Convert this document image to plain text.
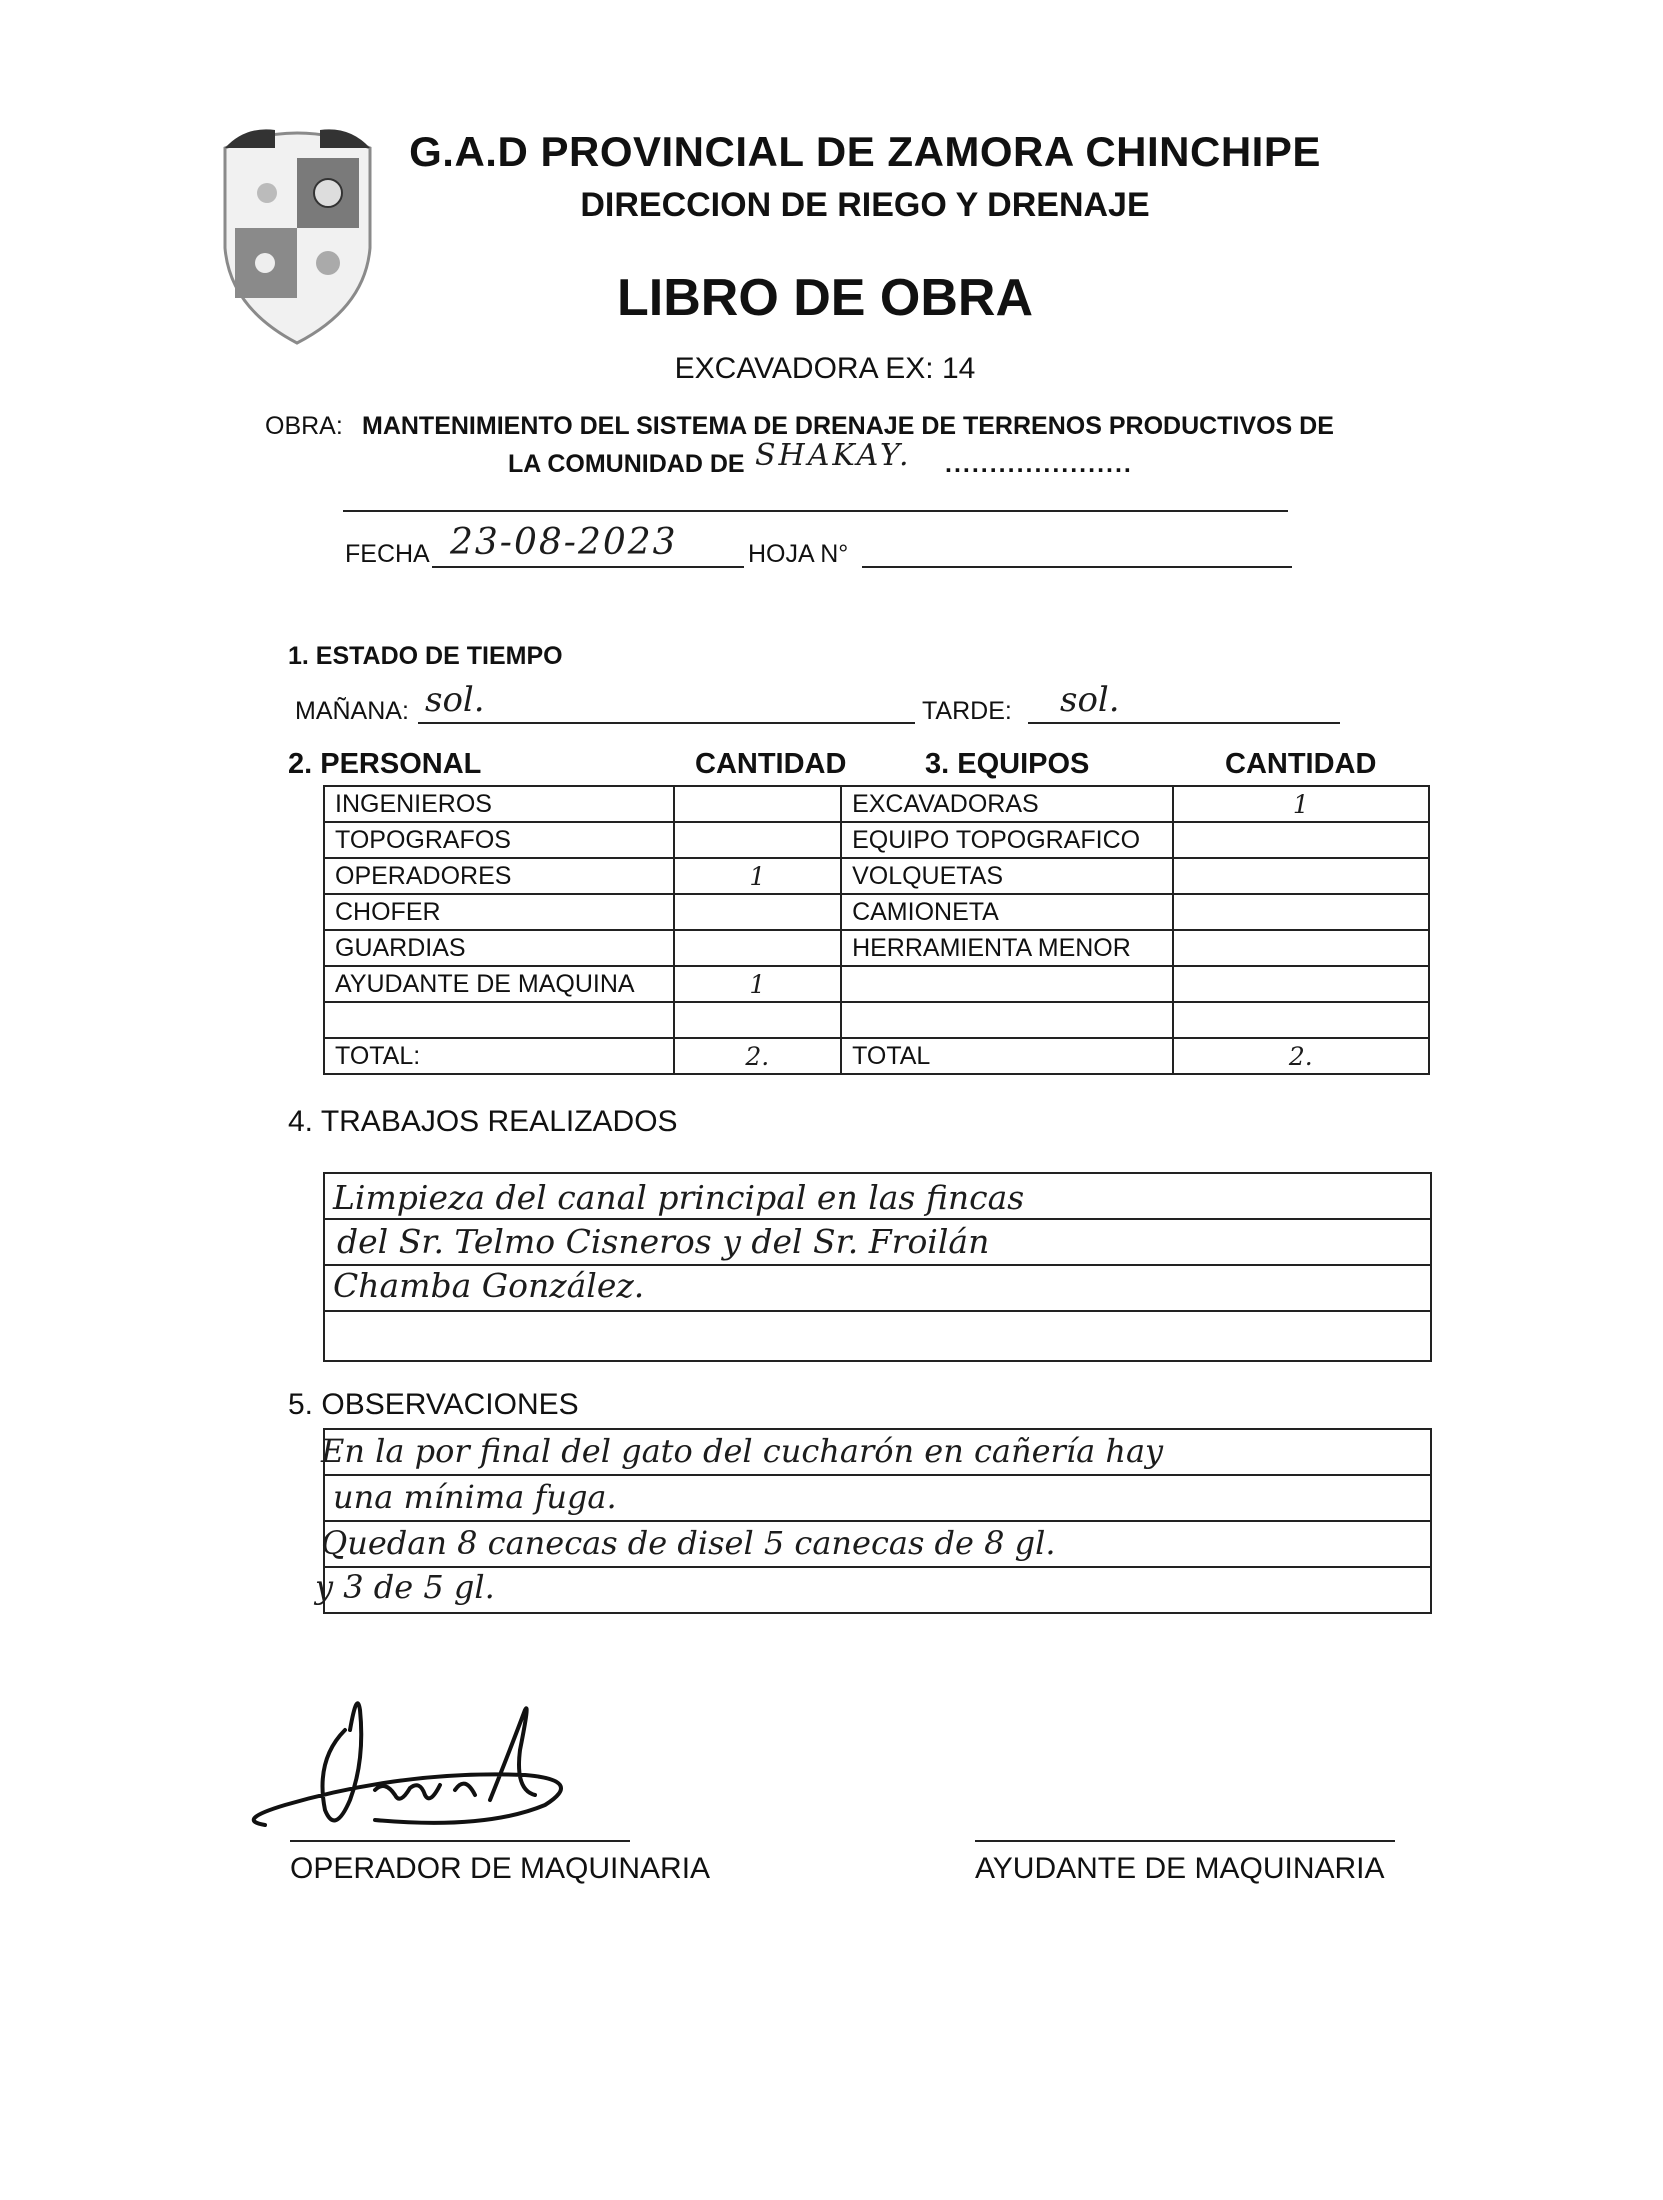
G.A.D PROVINCIAL DE ZAMORA CHINCHIPE
DIRECCION DE RIEGO Y DRENAJE
LIBRO DE OBRA
EXCAVADORA EX: 14
OBRA: MANTENIMIENTO DEL SISTEMA DE DRENAJE DE TERRENOS PRODUCTIVOS DE
LA COMUNIDAD DE SHAKAY. .....................
FECHA 23-08-2023	HOJA N°
1. ESTADO DE TIEMPO
MAÑANA: sol.	TARDE: sol.
2. PERSONAL	CANTIDAD	3. EQUIPOS	CANTIDAD
INGENIEROS		EXCAVADORAS	1
TOPOGRAFOS		EQUIPO TOPOGRAFICO	
OPERADORES	1	VOLQUETAS	
CHOFER		CAMIONETA	
GUARDIAS		HERRAMIENTA MENOR	
AYUDANTE DE MAQUINA	1		

TOTAL:	2.	TOTAL	2.
4. TRABAJOS REALIZADOS
Limpieza del canal principal en las fincas
del Sr. Telmo Cisneros y del Sr. Froilán
Chamba González.
5. OBSERVACIONES
En la por final del gato del cucharón en cañería hay
una mínima fuga.
Quedan 8 canecas de disel 5 canecas de 8 gl.
y 3 de 5 gl.
OPERADOR DE MAQUINARIA	AYUDANTE DE MAQUINARIA
